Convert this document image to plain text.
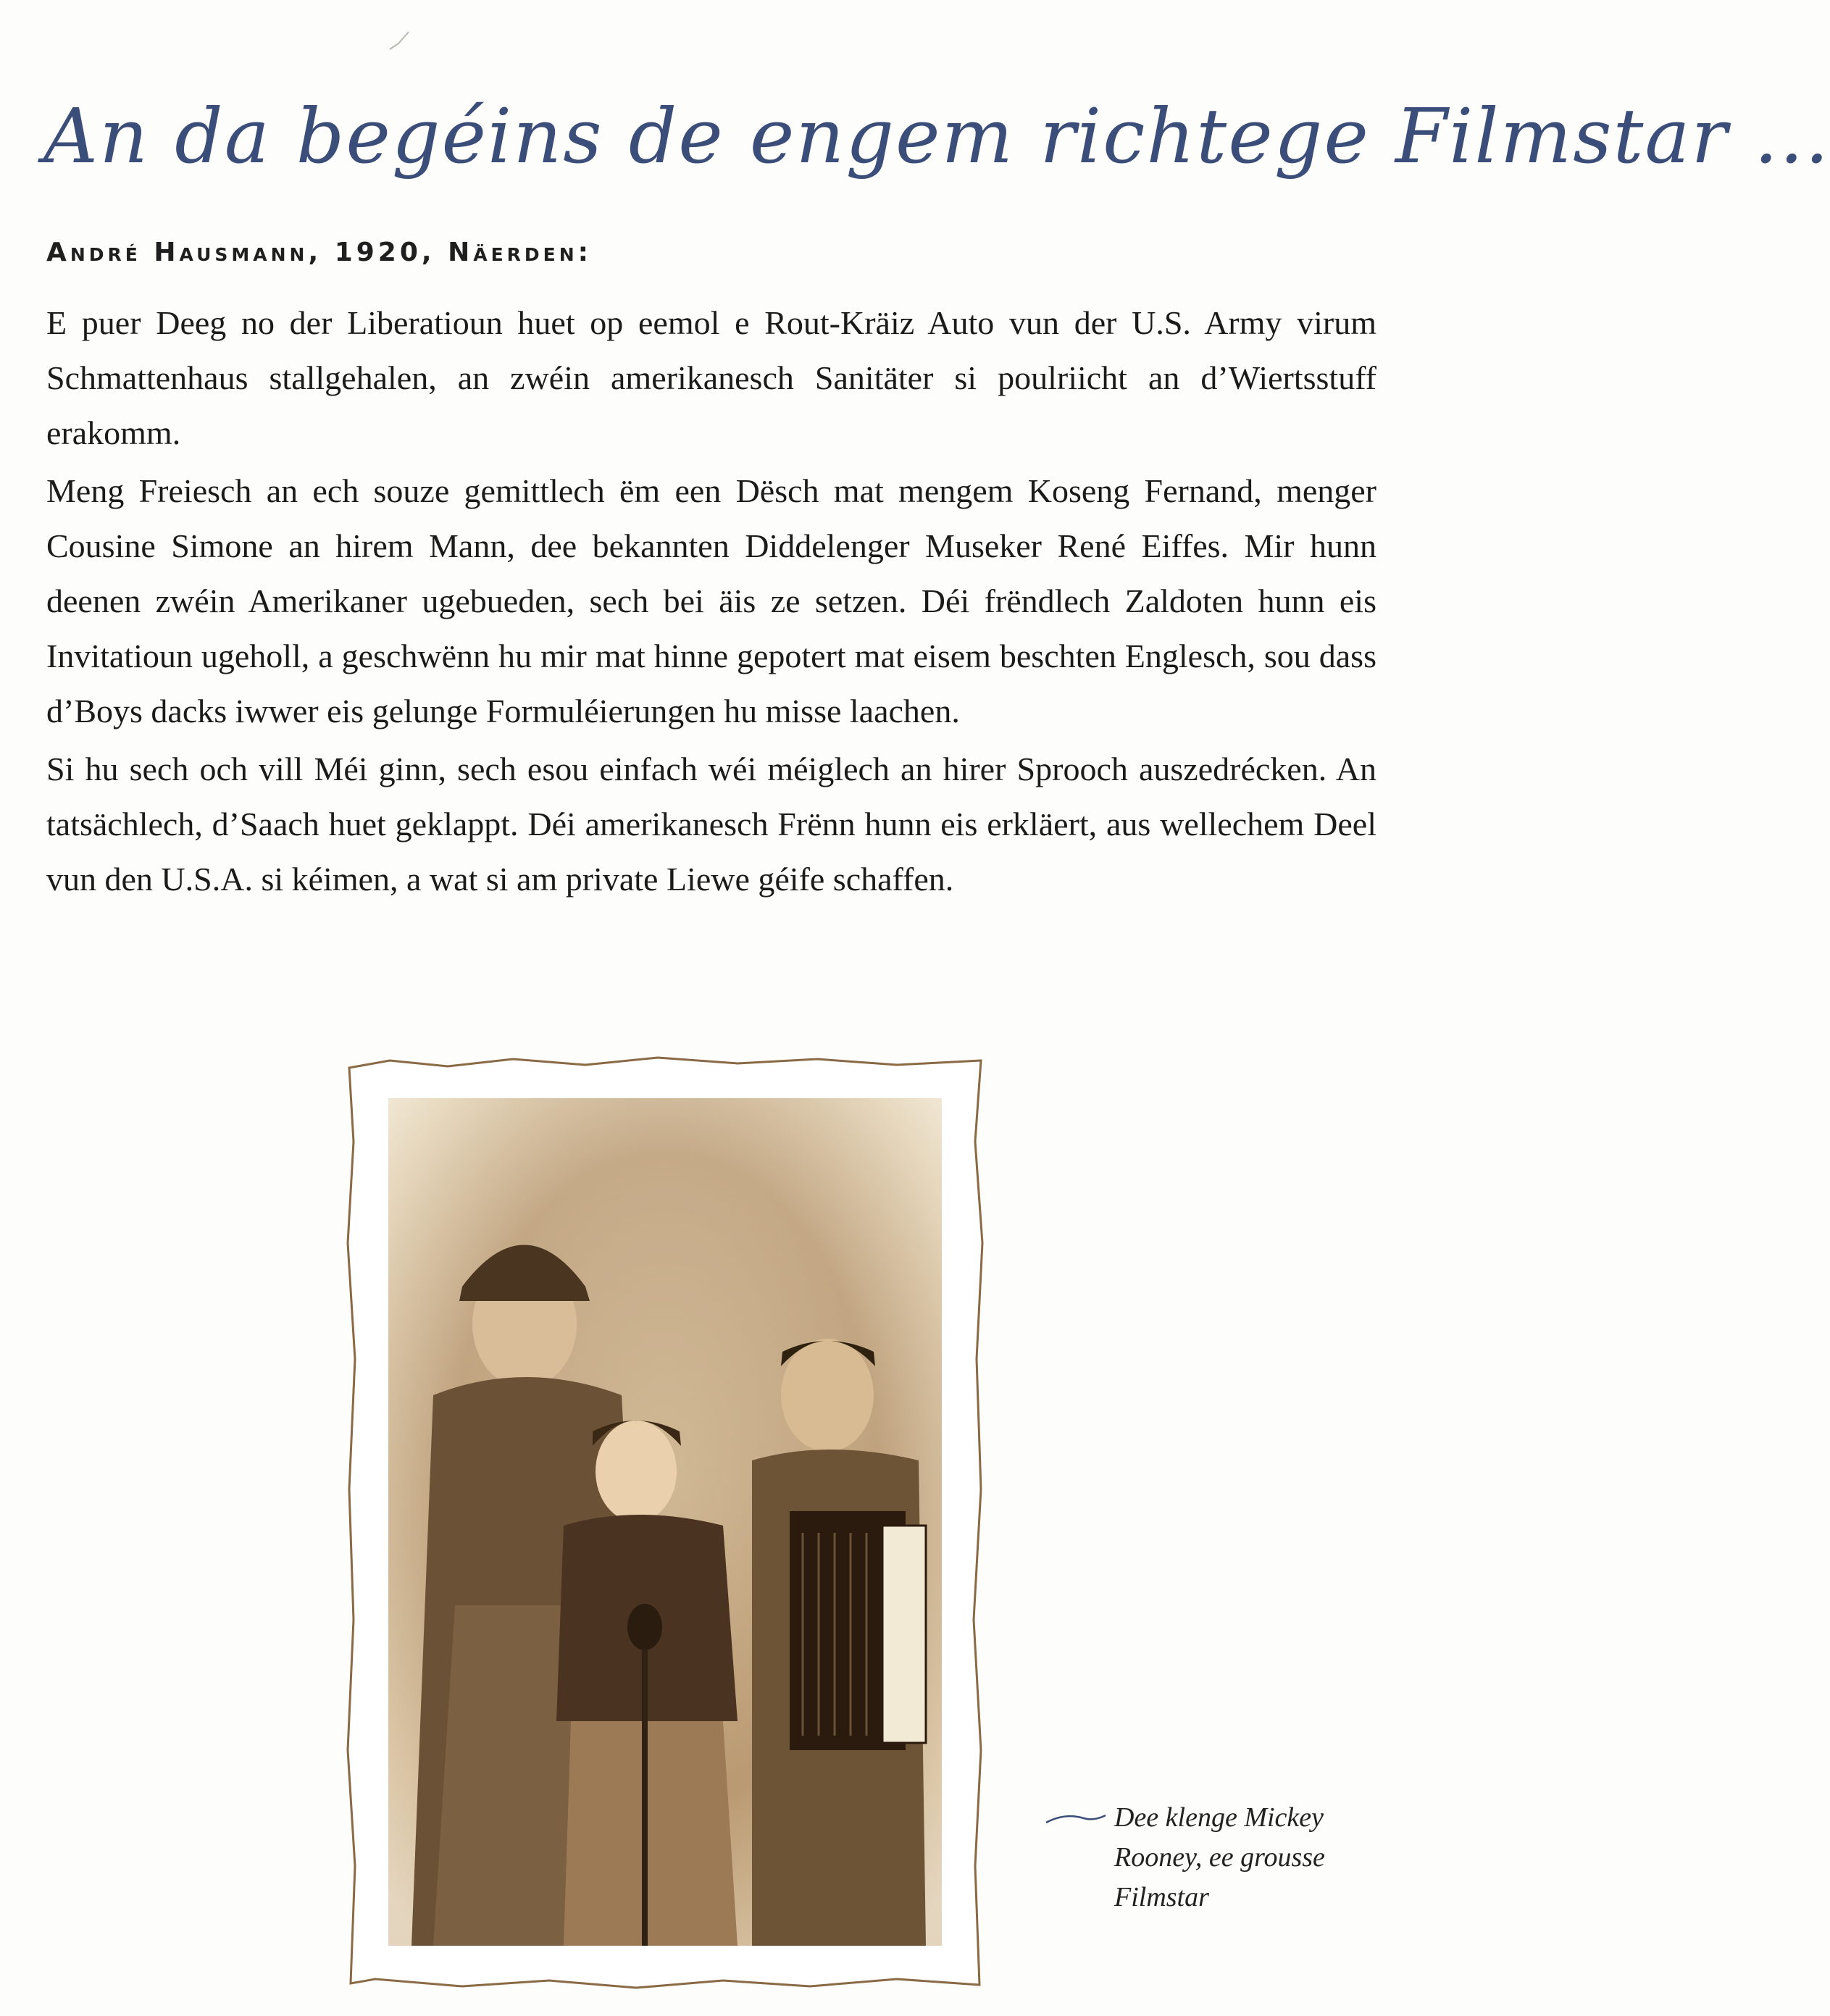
An da begéins de engem richtege Filmstar ...
André Hausmann, 1920, Näerden:

E puer Deeg no der Liberatioun huet op eemol e Rout-Kräiz Auto vun der U.S. Army virum Schmattenhaus stallgehalen, an zwéin amerikanesch Sanitäter si poulriicht an d’Wiertsstuff erakomm.

Meng Freiesch an ech souze gemittlech ëm een Dësch mat mengem Koseng Fernand, menger Cousine Simone an hirem Mann, dee bekannten Diddelenger Museker René Eiffes. Mir hunn deenen zwéin Amerikaner ugebueden, sech bei äis ze setzen. Déi frëndlech Zaldoten hunn eis Invitatioun ugeholl, a geschwënn hu mir mat hinne gepotert mat eisem beschten Englesch, sou dass d’Boys dacks iwwer eis gelunge Formuléierungen hu misse laachen.

Si hu sech och vill Méi ginn, sech esou einfach wéi méiglech an hirer Sprooch auszedrécken. An tatsächlech, d’Saach huet geklappt. Déi amerikanesch Frënn hunn eis erkläert, aus wellechem Deel vun den U.S.A. si kéimen, a wat si am private Liewe géife schaffen.

Dee klenge Mickey
Rooney, ee grousse
Filmstar
